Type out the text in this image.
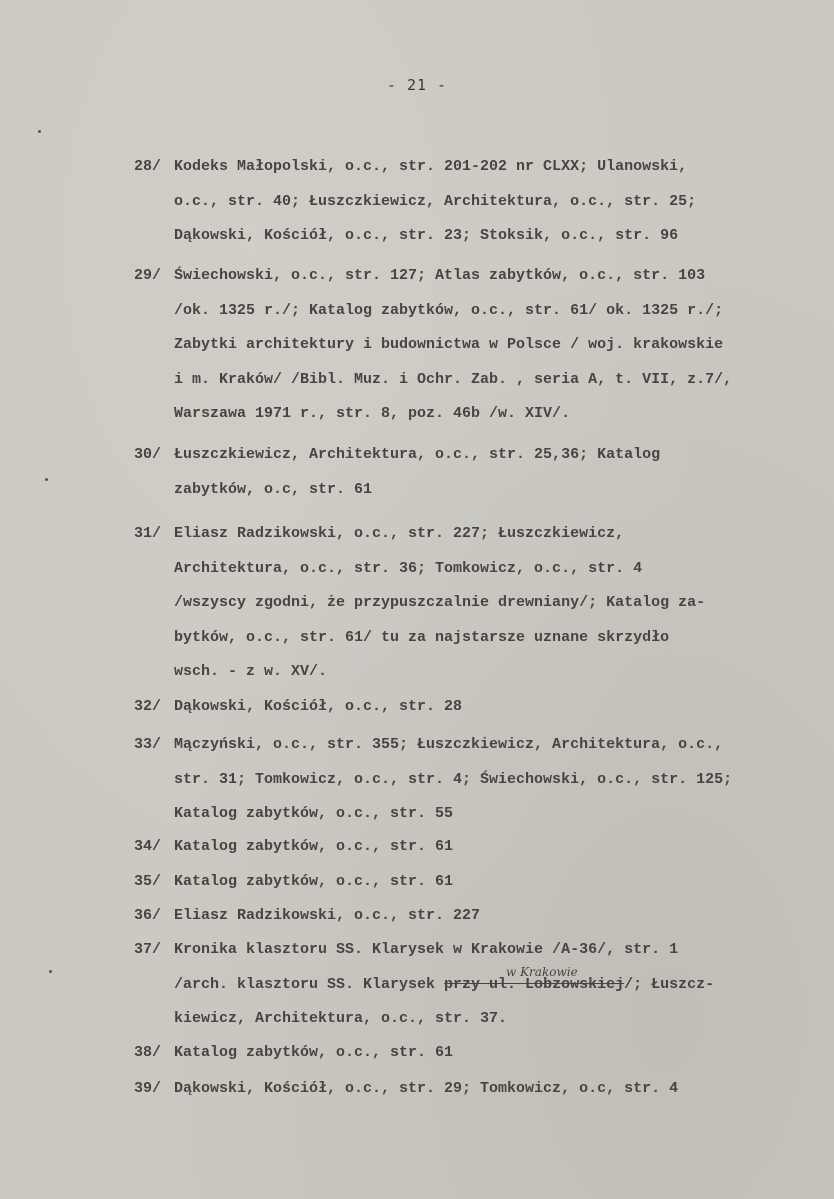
- 21 -
28/ Kodeks Małopolski, o.c., str. 201-202 nr CLXX; Ulanowski,
o.c., str. 40; Łuszczkiewicz, Architektura, o.c., str. 25;
Dąkowski, Kościół, o.c., str. 23; Stoksik, o.c., str. 96
29/ Świechowski, o.c., str. 127; Atlas zabytków, o.c., str. 103
/ok. 1325 r./; Katalog zabytków, o.c., str. 61/ ok. 1325 r./;
Zabytki architektury i budownictwa w Polsce / woj. krakowskie
i m. Kraków/ /Bibl. Muz. i Ochr. Zab. , seria A, t. VII, z.7/,
Warszawa 1971 r., str. 8, poz. 46b /w. XIV/.
30/ Łuszczkiewicz, Architektura, o.c., str. 25,36; Katalog
zabytków, o.c, str. 61
31/ Eliasz Radzikowski, o.c., str. 227; Łuszczkiewicz,
Architektura, o.c., str. 36; Tomkowicz, o.c., str. 4
/wszyscy zgodni, że przypuszczalnie drewniany/; Katalog za-
bytków, o.c., str. 61/ tu za najstarsze uznane skrzydło
wsch. - z w. XV/.
32/ Dąkowski, Kościół, o.c., str. 28
33/ Mączyński, o.c., str. 355; Łuszczkiewicz, Architektura, o.c.,
str. 31; Tomkowicz, o.c., str. 4; Świechowski, o.c., str. 125;
Katalog zabytków, o.c., str. 55
34/ Katalog zabytków, o.c., str. 61
35/ Katalog zabytków, o.c., str. 61
36/ Eliasz Radzikowski, o.c., str. 227
37/ Kronika klasztoru SS. Klarysek w Krakowie /A-36/, str. 1
/arch. klasztoru SS. Klarysek przy ul. Lobzowskiej/; Łuszcz-
kiewicz, Architektura, o.c., str. 37.
38/ Katalog zabytków, o.c., str. 61
39/ Dąkowski, Kościół, o.c., str. 29; Tomkowicz, o.c, str. 4
w Krakowie
